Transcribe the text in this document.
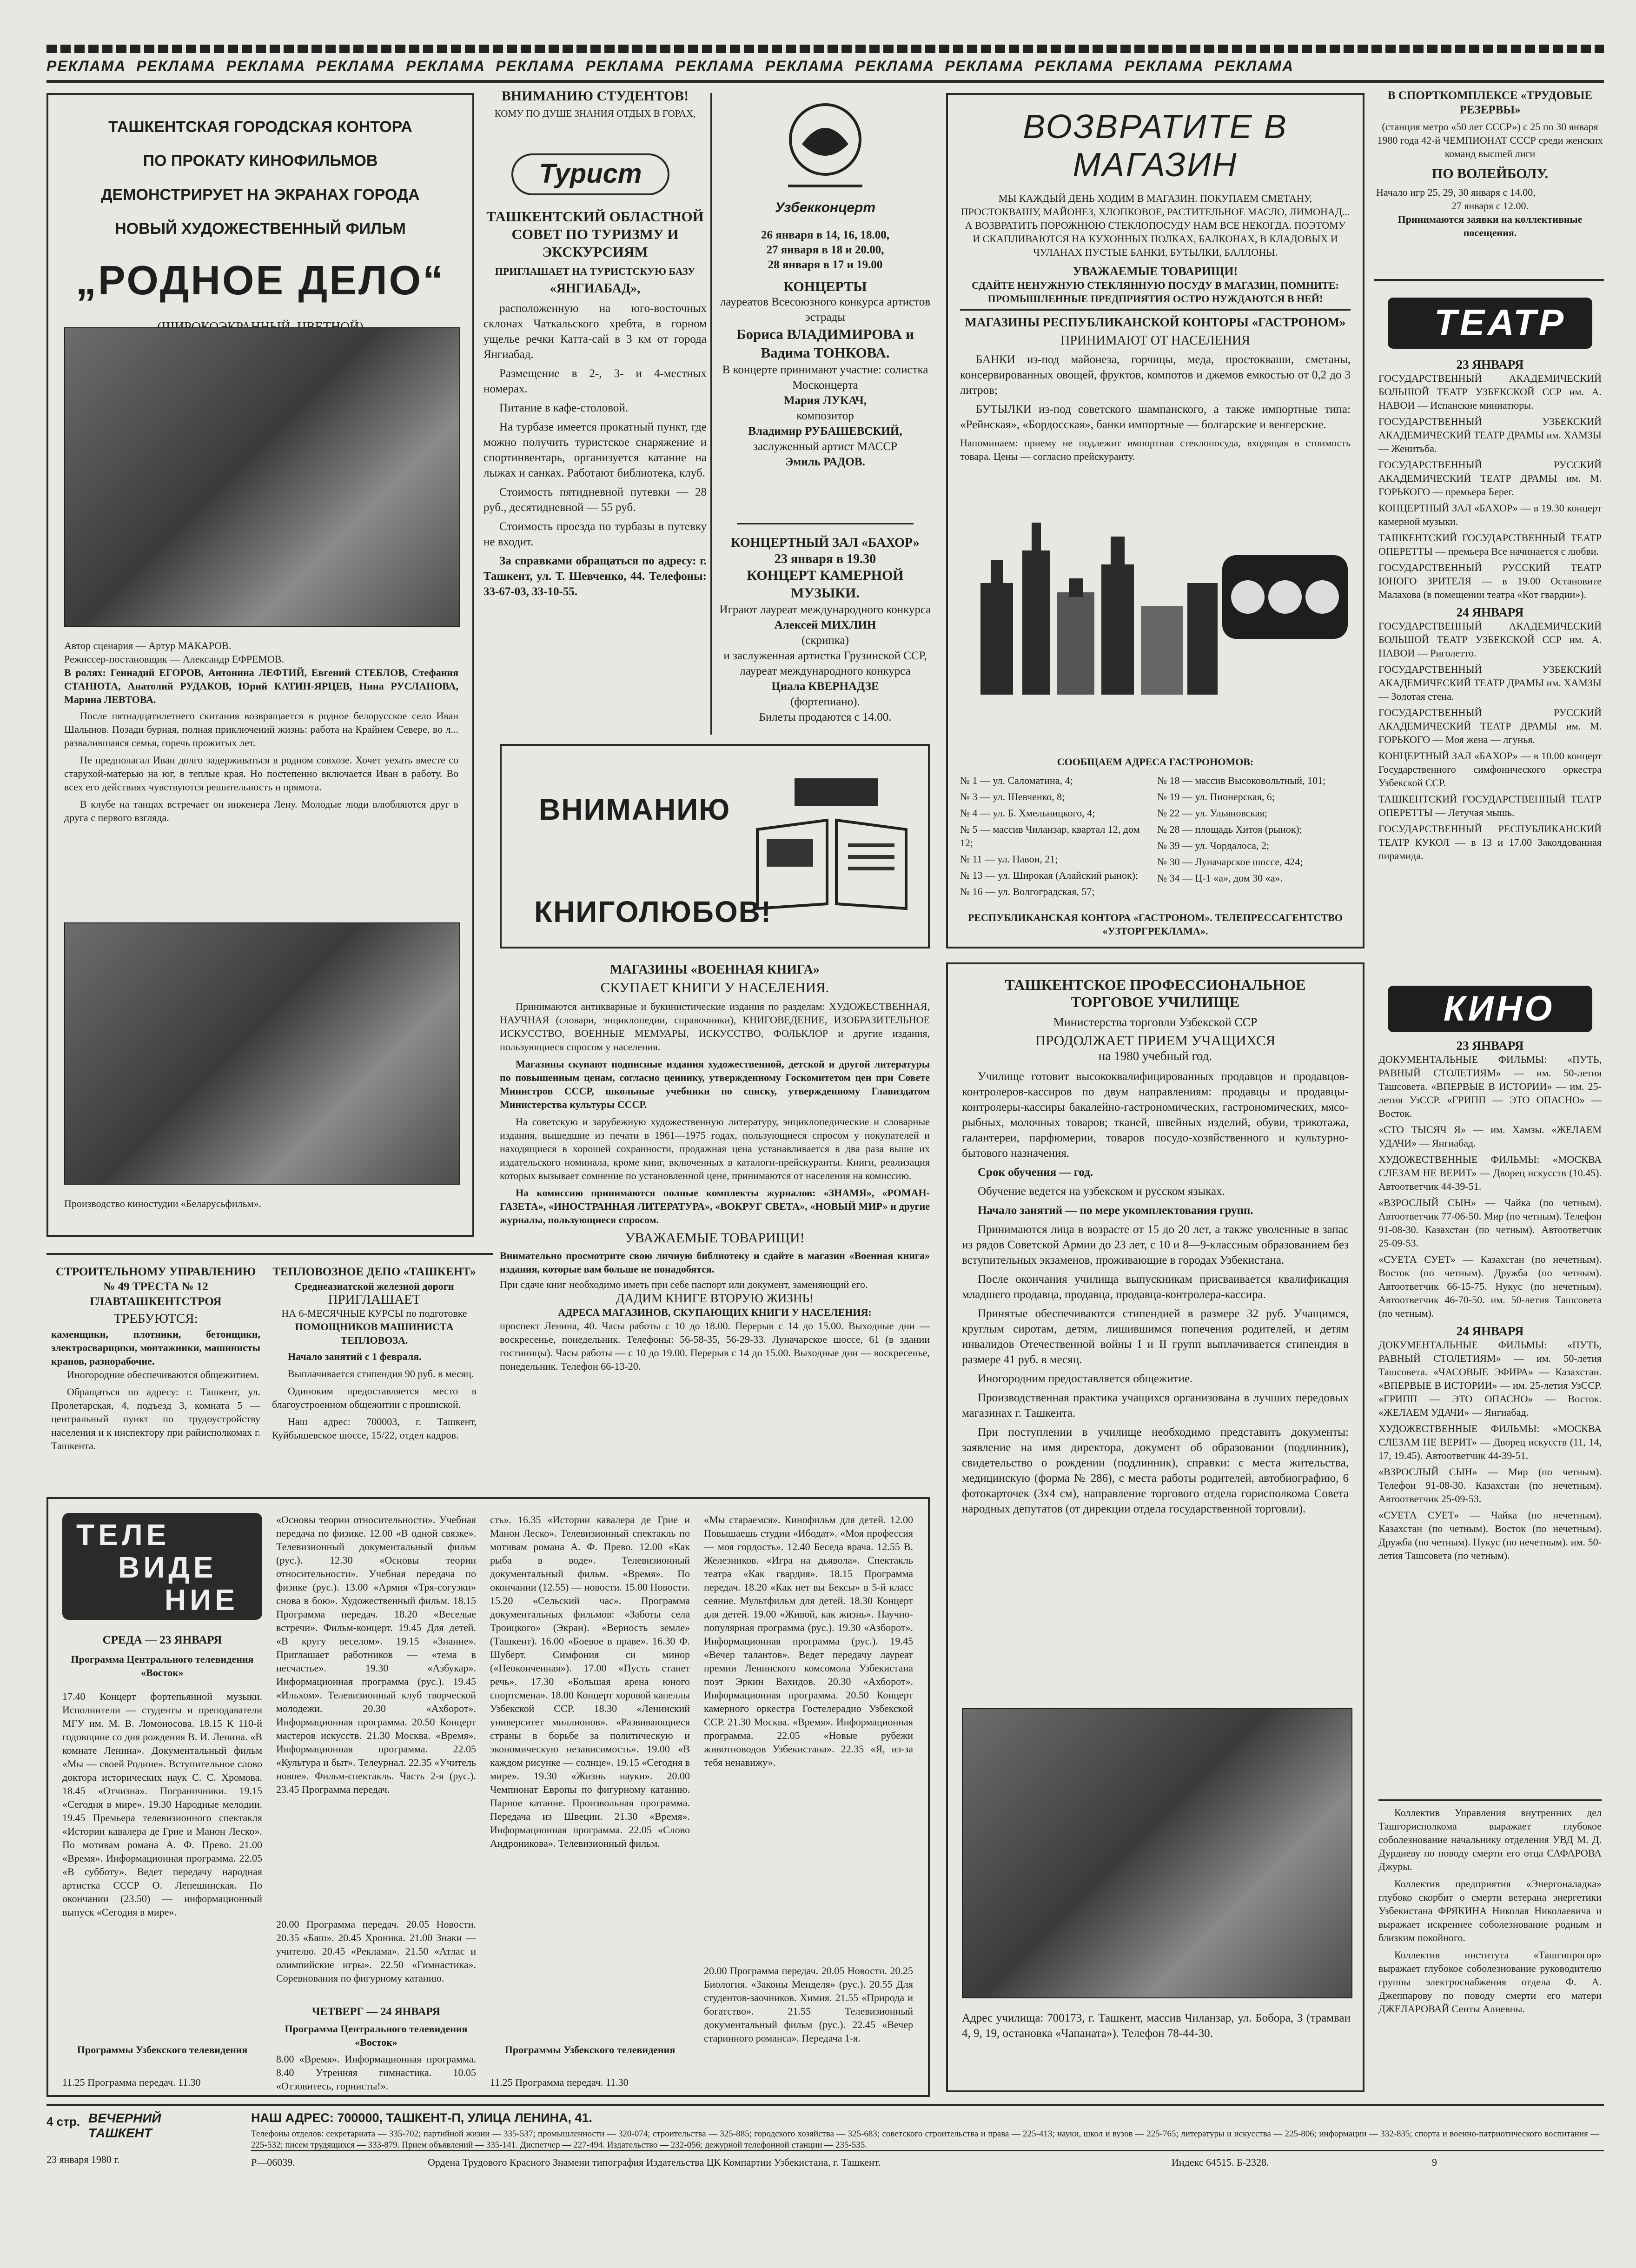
РЕКЛАМА РЕКЛАМА РЕКЛАМА РЕКЛАМА РЕКЛАМА РЕКЛАМА РЕКЛАМА РЕКЛАМА РЕКЛАМА РЕКЛАМА РЕКЛАМА РЕКЛАМА РЕКЛАМА РЕКЛАМА
ТАШКЕНТСКАЯ ГОРОДСКАЯ КОНТОРА
ПО ПРОКАТУ КИНОФИЛЬМОВ
ДЕМОНСТРИРУЕТ НА ЭКРАНАХ ГОРОДА
НОВЫЙ ХУДОЖЕСТВЕННЫЙ ФИЛЬМ
„РОДНОЕ ДЕЛО“
Автор сценария — Артур МАКАРОВ.
Режиссер-постановщик — Александр ЕФРЕМОВ.
В ролях: Геннадий ЕГОРОВ, Антонина ЛЕФТИЙ, Евгений СТЕБЛОВ, Стефания СТАНЮТА, Анатолий РУДАКОВ, Юрий КАТИН-ЯРЦЕВ, Нина РУСЛАНОВА, Марина ЛЕВТОВА.

После пятнадцатилетнего скитания возвращается в родное белорусское село Иван Шалынов. Позади бурная, полная приключений жизнь: работа на Крайнем Севере, во л... развалившаяся семья, горечь прожитых лет.

Не предполагал Иван долго задерживаться в родном совхозе. Хочет уехать вместе со старухой-матерью на юг, в теплые края. Но постепенно включается Иван в работу. Во всех его действиях чувствуются решительность и прямота.

В клубе на танцах встречает он инженера Лену. Молодые люди влюбляются друг в друга с первого взгляда.

Производство киностудии «Беларусьфильм».
ВНИМАНИЮ СТУДЕНТОВ!
КОМУ ПО ДУШЕ ЗНАНИЯ ОТДЫХ В ГОРАХ,
Турист
ТАШКЕНТСКИЙ ОБЛАСТНОЙ СОВЕТ ПО ТУРИЗМУ И ЭКСКУРСИЯМ
ПРИГЛАШАЕТ НА ТУРИСТСКУЮ БАЗУ
«ЯНГИАБАД»,

расположенную на юго-восточных склонах Чаткальского хребта, в горном ущелье речки Катта-сай в 3 км от города Янгиабад.

Размещение в 2-, 3- и 4-местных номерах.

Питание в кафе-столовой.

На турбазе имеется прокатный пункт, где можно получить туристское снаряжение и спортинвентарь, организуется катание на лыжах и санках. Работают библиотека, клуб.

Стоимость пятидневной путевки — 28 руб., десятидневной — 55 руб.

Стоимость проезда по турбазы в путевку не входит.

За справками обращаться по адресу: г. Ташкент, ул. Т. Шевченко, 44. Телефоны: 33-67-03, 33-10-55.

Узбекконцерт
26 января в 14, 16, 18.00,
27 января в 18 и 20.00,
28 января в 17 и 19.00
КОНЦЕРТЫ
лауреатов Всесоюзного конкурса артистов эстрады
Бориса ВЛАДИМИРОВА и Вадима ТОНКОВА.
В концерте принимают участие: солистка Москонцерта
Мария ЛУКАЧ,
композитор
Владимир РУБАШЕВСКИЙ,
заслуженный артист МАССР
Эмиль РАДОВ.
КОНЦЕРТНЫЙ ЗАЛ «БАХОР»
23 января в 19.30
КОНЦЕРТ КАМЕРНОЙ МУЗЫКИ.
Играют лауреат международного конкурса
Алексей МИХЛИН
(скрипка)
и заслуженная артистка Грузинской ССР, лауреат международного конкурса
Циала КВЕРНАДЗЕ
(фортепиано).
Билеты продаются с 14.00.
ВОЗВРАТИТЕ В МАГАЗИН
МЫ КАЖДЫЙ ДЕНЬ ХОДИМ В МАГАЗИН. ПОКУПАЕМ СМЕТАНУ, ПРОСТОКВАШУ, МАЙОНЕЗ, ХЛОПКОВОЕ, РАСТИТЕЛЬНОЕ МАСЛО, ЛИМОНАД... А ВОЗВРАТИТЬ ПОРОЖНЮЮ СТЕКЛОПОСУДУ НАМ ВСЕ НЕКОГДА. ПОЭТОМУ И СКАПЛИВАЮТСЯ НА КУХОННЫХ ПОЛКАХ, БАЛКОНАХ, В КЛАДОВЫХ И ЧУЛАНАХ ПУСТЫЕ БАНКИ, БУТЫЛКИ, БАЛЛОНЫ.
УВАЖАЕМЫЕ ТОВАРИЩИ!
СДАЙТЕ НЕНУЖНУЮ СТЕКЛЯННУЮ ПОСУДУ В МАГАЗИН, ПОМНИТЕ: ПРОМЫШЛЕННЫЕ ПРЕДПРИЯТИЯ ОСТРО НУЖДАЮТСЯ В НЕЙ!
МАГАЗИНЫ РЕСПУБЛИКАНСКОЙ КОНТОРЫ «ГАСТРОНОМ»
ПРИНИМАЮТ ОТ НАСЕЛЕНИЯ

БАНКИ из-под майонеза, горчицы, меда, простокваши, сметаны, консервированных овощей, фруктов, компотов и джемов емкостью от 0,2 до 3 литров;

БУТЫЛКИ из-под советского шампанского, а также импортные типа: «Рейнская», «Бордосская», банки импортные — болгарские и венгерские.

Напоминаем: приему не подлежит импортная стеклопосуда, входящая в стоимость товара. Цены — согласно прейскуранту.
СООБЩАЕМ АДРЕСА ГАСТРОНОМОВ:
№ 1 — ул. Саломатина, 4;
№ 3 — ул. Шевченко, 8;
№ 4 — ул. Б. Хмельницкого, 4;
№ 5 — массив Чиланзар, квартал 12, дом 12;
№ 11 — ул. Навои, 21;
№ 13 — ул. Широкая (Алайский рынок);
№ 16 — ул. Волгоградская, 57;
№ 18 — массив Высоковольтный, 101;
№ 19 — ул. Пионерская, 6;
№ 22 — ул. Ульяновская;
№ 28 — площадь Хитоя (рынок);
№ 39 — ул. Чордалоса, 2;
№ 30 — Луначарское шоссе, 424;
№ 34 — Ц-1 «а», дом 30 «а».
РЕСПУБЛИКАНСКАЯ КОНТОРА «ГАСТРОНОМ». ТЕЛЕПРЕССАГЕНТСТВО «УЗТОРГРЕКЛАМА».
В СПОРТКОМПЛЕКСЕ «ТРУДОВЫЕ РЕЗЕРВЫ»
(станция метро «50 лет СССР») с 25 по 30 января 1980 года 42-й ЧЕМПИОНАТ СССР среди женских команд высшей лиги
ПО ВОЛЕЙБОЛУ.
Начало игр 25, 29, 30 января с 14.00,
27 января с 12.00.
Принимаются заявки на коллективные посещения.
ТЕАТР
23 ЯНВАРЯ
ГОСУДАРСТВЕННЫЙ АКАДЕМИЧЕСКИЙ БОЛЬШОЙ ТЕАТР УЗБЕКСКОЙ ССР им. А. НАВОИ — Испанские миниатюры.
ГОСУДАРСТВЕННЫЙ УЗБЕКСКИЙ АКАДЕМИЧЕСКИЙ ТЕАТР ДРАМЫ им. ХАМЗЫ — Женитьба.
ГОСУДАРСТВЕННЫЙ РУССКИЙ АКАДЕМИЧЕСКИЙ ТЕАТР ДРАМЫ им. М. ГОРЬКОГО — премьера Берег.
КОНЦЕРТНЫЙ ЗАЛ «БАХОР» — в 19.30 концерт камерной музыки.
ТАШКЕНТСКИЙ ГОСУДАРСТВЕННЫЙ ТЕАТР ОПЕРЕТТЫ — премьера Все начинается с любви.
ГОСУДАРСТВЕННЫЙ РУССКИЙ ТЕАТР ЮНОГО ЗРИТЕЛЯ — в 19.00 Остановите Малахова (в помещении театра «Кот гвардии»).
24 ЯНВАРЯ
ГОСУДАРСТВЕННЫЙ АКАДЕМИЧЕСКИЙ БОЛЬШОЙ ТЕАТР УЗБЕКСКОЙ ССР им. А. НАВОИ — Риголетто.
ГОСУДАРСТВЕННЫЙ УЗБЕКСКИЙ АКАДЕМИЧЕСКИЙ ТЕАТР ДРАМЫ им. ХАМЗЫ — Золотая стена.
ГОСУДАРСТВЕННЫЙ РУССКИЙ АКАДЕМИЧЕСКИЙ ТЕАТР ДРАМЫ им. М. ГОРЬКОГО — Моя жена — лгунья.
КОНЦЕРТНЫЙ ЗАЛ «БАХОР» — в 10.00 концерт Государственного симфонического оркестра Узбекской ССР.
ТАШКЕНТСКИЙ ГОСУДАРСТВЕННЫЙ ТЕАТР ОПЕРЕТТЫ — Летучая мышь.
ГОСУДАРСТВЕННЫЙ РЕСПУБЛИКАНСКИЙ ТЕАТР КУКОЛ — в 13 и 17.00 Заколдованная пирамида.
КИНО
23 ЯНВАРЯ
ДОКУМЕНТАЛЬНЫЕ ФИЛЬМЫ: «ПУТЬ, РАВНЫЙ СТОЛЕТИЯМ» — им. 50-летия Ташсовета. «ВПЕРВЫЕ В ИСТОРИИ» — им. 25-летия УзССР. «ГРИПП — ЭТО ОПАСНО» — Восток.
«СТО ТЫСЯЧ Я» — им. Хамзы. «ЖЕЛАЕМ УДАЧИ» — Янгиабад.
ХУДОЖЕСТВЕННЫЕ ФИЛЬМЫ: «МОСКВА СЛЕЗАМ НЕ ВЕРИТ» — Дворец искусств (10.45). Автоответчик 44-39-51.
«ВЗРОСЛЫЙ СЫН» — Чайка (по четным). Автоответчик 77-06-50. Мир (по четным). Телефон 91-08-30. Казахстан (по четным). Автоответчик 25-09-53.
«СУЕТА СУЕТ» — Казахстан (по нечетным). Восток (по четным). Дружба (по четным). Автоответчик 66-15-75. Нукус (по нечетным). Автоответчик 46-70-50. им. 50-летия Ташсовета (по четным).
24 ЯНВАРЯ
ДОКУМЕНТАЛЬНЫЕ ФИЛЬМЫ: «ПУТЬ, РАВНЫЙ СТОЛЕТИЯМ» — им. 50-летия Ташсовета. «ЧАСОВЫЕ ЭФИРА» — Казахстан. «ВПЕРВЫЕ В ИСТОРИИ» — им. 25-летия УзССР. «ГРИПП — ЭТО ОПАСНО» — Восток. «ЖЕЛАЕМ УДАЧИ» — Янгиабад.
ХУДОЖЕСТВЕННЫЕ ФИЛЬМЫ: «МОСКВА СЛЕЗАМ НЕ ВЕРИТ» — Дворец искусств (11, 14, 17, 19.45). Автоответчик 44-39-51.
«ВЗРОСЛЫЙ СЫН» — Мир (по четным). Телефон 91-08-30. Казахстан (по нечетным). Автоответчик 25-09-53.
«СУЕТА СУЕТ» — Чайка (по нечетным). Казахстан (по четным). Восток (по нечетным). Дружба (по четным). Нукус (по нечетным). им. 50-летия Ташсовета (по четным).

Коллектив Управления внутренних дел Ташгорисполкома выражает глубокое соболезнование начальнику отделения УВД М. Д. Дурдиеву по поводу смерти его отца САФАРОВА Джуры.

Коллектив предприятия «Энергоналадка» глубоко скорбит о смерти ветерана энергетики Узбекистана ФРЯКИНА Николая Николаевича и выражает искреннее соболезнование родным и близким покойного.

Коллектив института «Ташгипрогор» выражает глубокое соболезнование руководителю группы электроснабжения отдела Ф. А. Джеппарову по поводу смерти его матери ДЖЕЛАРОВАЙ Сенты Алиевны.

ВНИМАНИЮ
КНИГОЛЮБОВ!
МАГАЗИНЫ «ВОЕННАЯ КНИГА»
СКУПАЕТ КНИГИ У НАСЕЛЕНИЯ.

Принимаются антикварные и букинистические издания по разделам: ХУДОЖЕСТВЕННАЯ, НАУЧНАЯ (словари, энциклопедии, справочники), КНИГОВЕДЕНИЕ, ИЗОБРАЗИТЕЛЬНОЕ ИСКУССТВО, ВОЕННЫЕ МЕМУАРЫ, ИСКУССТВО, ФОЛЬКЛОР и другие издания, пользующиеся спросом у населения.

Магазины скупают подписные издания художественной, детской и другой литературы по повышенным ценам, согласно ценнику, утвержденному Госкомитетом цен при Совете Министров СССР, школьные учебники по списку, утвержденному Главиздатом Министерства культуры СССР.

На советскую и зарубежную художественную литературу, энциклопедические и словарные издания, вышедшие из печати в 1961—1975 годах, пользующиеся спросом у покупателей и находящиеся в хорошей сохранности, продажная цена устанавливается в два раза выше их издательского номинала, кроме книг, включенных в каталоги-прейскуранты. Книги, реализация которых вызывает сомнение по установленной цене, принимаются от населения на комиссию.

На комиссию принимаются полные комплекты журналов: «ЗНАМЯ», «РОМАН-ГАЗЕТА», «ИНОСТРАННАЯ ЛИТЕРАТУРА», «ВОКРУГ СВЕТА», «НОВЫЙ МИР» и другие журналы, пользующиеся спросом.

УВАЖАЕМЫЕ ТОВАРИЩИ!
Внимательно просмотрите свою личную библиотеку и сдайте в магазин «Военная книга» издания, которые вам больше не понадобятся.
При сдаче книг необходимо иметь при себе паспорт или документ, заменяющий его.
ДАДИМ КНИГЕ ВТОРУЮ ЖИЗНЬ!
АДРЕСА МАГАЗИНОВ, СКУПАЮЩИХ КНИГИ У НАСЕЛЕНИЯ:
проспект Ленина, 40. Часы работы с 10 до 18.00. Перерыв с 14 до 15.00. Выходные дни — воскресенье, понедельник. Телефоны: 56-58-35, 56-29-33. Луначарское шоссе, 61 (в здании гостиницы). Часы работы — с 10 до 19.00. Перерыв с 14 до 15.00. Выходные дни — воскресенье, понедельник. Телефон 66-13-20.
СТРОИТЕЛЬНОМУ УПРАВЛЕНИЮ № 49 ТРЕСТА № 12 ГЛАВТАШКЕНТСТРОЯ
ТРЕБУЮТСЯ:
каменщики, плотники, бетонщики, электросварщики, монтажники, машинисты кранов, разнорабочие.

Иногородние обеспечиваются общежитием.

Обращаться по адресу: г. Ташкент, ул. Пролетарская, 4, подъезд 3, комната 5 — центральный пункт по трудоустройству населения и к инспектору при райисполкомах г. Ташкента.

ТЕПЛОВОЗНОЕ ДЕПО «ТАШКЕНТ»
Среднеазиатской железной дороги
ПРИГЛАШАЕТ
НА 6-МЕСЯЧНЫЕ КУРСЫ по подготовке
ПОМОЩНИКОВ МАШИНИСТА ТЕПЛОВОЗА.

Начало занятий с 1 февраля.

Выплачивается стипендия 90 руб. в месяц.

Одиноким предоставляется место в благоустроенном общежитии с прошиской.

Наш адрес: 700003, г. Ташкент, Куйбышевское шоссе, 15/22, отдел кадров.

ТАШКЕНТСКОЕ ПРОФЕССИОНАЛЬНОЕ
ТОРГОВОЕ УЧИЛИЩЕ
Министерства торговли Узбекской ССР
ПРОДОЛЖАЕТ ПРИЕМ УЧАЩИХСЯ
на 1980 учебный год.

Училище готовит высококвалифицированных продавцов и продавцов-контролеров-кассиров по двум направлениям: продавцы и продавцы-контролеры-кассиры бакалейно-гастрономических, гастрономических, мясо-рыбных, молочных товаров; тканей, швейных изделий, обуви, трикотажа, галантереи, парфюмерии, товаров посудо-хозяйственного и культурно-бытового назначения.

Срок обучения — год.

Обучение ведется на узбекском и русском языках.

Начало занятий — по мере укомплектования групп.

Принимаются лица в возрасте от 15 до 20 лет, а также уволенные в запас из рядов Советской Армии до 23 лет, с 10 и 8—9-классным образованием без вступительных экзаменов, проживающие в городах Узбекистана.

После окончания училища выпускникам присваивается квалификация младшего продавца, продавца, продавца-контролера-кассира.

Принятые обеспечиваются стипендией в размере 32 руб. Учащимся, круглым сиротам, детям, лишившимся попечения родителей, и детям инвалидов Отечественной войны I и II групп выплачивается стипендия в размере 41 руб. в месяц.

Иногородним предоставляется общежитие.

Производственная практика учащихся организована в лучших передовых магазинах г. Ташкента.

При поступлении в училище необходимо представить документы: заявление на имя директора, документ об образовании (подлинник), свидетельство о рождении (подлинник), справки: с места жительства, медицинскую (форма № 286), с места работы родителей, автобиографию, 6 фотокарточек (3х4 см), направление торгового отдела горисполкома Совета народных депутатов (от дирекции отдела государственной торговли).

Адрес училища: 700173, г. Ташкент, массив Чиланзар, ул. Бобора, 3 (трамваи 4, 9, 19, остановка «Чапаната»). Телефон 78-44-30.
ТЕЛЕ
ВИДЕ
НИЕ
СРЕДА — 23 ЯНВАРЯ
Программа Центрального телевидения «Восток»
17.40 Концерт фортепьянной музыки. Исполнители — студенты и преподаватели МГУ им. М. В. Ломоносова. 18.15 К 110-й годовщине со дня рождения В. И. Ленина. «В комнате Ленина». Документальный фильм «Мы — своей Родине». Вступительное слово доктора исторических наук С. С. Хромова. 18.45 «Отчизна». Пограничники. 19.15 «Сегодня в мире». 19.30 Народные мелодии. 19.45 Премьера телевизионного спектакля «Истории кавалера де Грие и Манон Леско». По мотивам романа А. Ф. Прево. 21.00 «Время». Информационная программа. 22.05 «В субботу». Ведет передачу народная артистка СССР О. Лепешинская. По окончании (23.50) — информационный выпуск «Сегодня в мире».
Программы Узбекского телевидения
11.25 Программа передач. 11.30
«Основы теории относительности». Учебная передача по физике. 12.00 «В одной связке». Телевизионный документальный фильм (рус.). 12.30 «Основы теории относительности». Учебная передача по физике (рус.). 13.00 «Армия «Тря-согузки» снова в бою». Художественный фильм. 18.15 Программа передач. 18.20 «Веселые встречи». Фильм-концерт. 19.45 Для детей. «В кругу веселом». 19.15 «Знание». Приглашает работников — «тема в несчастье». 19.30 «Азбукар». Информационная программа (рус.). 19.45 «Ильхом». Телевизионный клуб творческой молодежи. 20.30 «Ахборот». Информационная программа. 20.50 Концерт мастеров искусств. 21.30 Москва. «Время». Информационная программа. 22.05 «Культура и быт». Телеурнал. 22.35 «Учитель новое». Фильм-спектакль. Часть 2-я (рус.). 23.45 Программа передач.
20.00 Программа передач. 20.05 Новости. 20.35 «Баш». 20.45 Хроника. 21.00 Знаки — учителю. 20.45 «Реклама». 21.50 «Атлас и олимпийские игры». 22.50 «Гимнастика». Соревнования по фигурному катанию.
ЧЕТВЕРГ — 24 ЯНВАРЯ
Программа Центрального телевидения «Восток»
8.00 «Время». Информационная программа. 8.40 Утренняя гимнастика. 10.05 «Отзовитесь, горнисты!».
сть». 16.35 «Истории кавалера де Грие и Манон Леско». Телевизионный спектакль по мотивам романа А. Ф. Прево. 12.00 «Как рыба в воде». Телевизионный документальный фильм. «Время». По окончании (12.55) — новости. 15.00 Новости. 15.20 «Сельский час». Программа документальных фильмов: «Заботы села Троицкого» (Экран). «Верность земле» (Ташкент). 16.00 «Боевое в праве». 16.30 Ф. Шуберт. Симфония си минор («Неоконченная»). 17.00 «Пусть станет речь». 17.30 «Большая арена юного спортсмена». 18.00 Концерт хоровой капеллы Узбекской ССР. 18.30 «Ленинский университет миллионов». «Развивающиеся страны в борьбе за политическую и экономическую независимость». 19.00 «В каждом рисунке — солнце». 19.15 «Сегодня в мире». 19.30 «Жизнь науки». 20.00 Чемпионат Европы по фигурному катанию. Парное катание. Произвольная программа. Передача из Швеции. 21.30 «Время». Информационная программа. 22.05 «Слово Андроникова». Телевизионный фильм.
Программы Узбекского телевидения
11.25 Программа передач. 11.30
«Мы стараемся». Кинофильм для детей. 12.00 Повышаешь студии «Ибодат». «Моя профессия — моя гордость». 12.40 Беседа врача. 12.55 В. Железников. «Игра на дьявола». Спектакль театра «Как гвардия». 18.15 Программа передач. 18.20 «Как нет вы Бексы» в 5-й класс сеяние. Мультфильм для детей. 18.30 Концерт для детей. 19.00 «Живой, как жизнь». Научно-популярная программа (рус.). 19.30 «Азборот». Информационная программа (рус.). 19.45 «Вечер талантов». Ведет передачу лауреат премии Ленинского комсомола Узбекистана поэт Эркин Вахидов. 20.30 «Ахборот». Информационная программа. 20.50 Концерт камерного оркестра Гостелерадио Узбекской ССР. 21.30 Москва. «Время». Информационная программа. 22.05 «Новые рубежи животноводов Узбекистана». 22.35 «Я, из-за тебя ненавижу».
20.00 Программа передач. 20.05 Новости. 20.25 Биология. «Законы Менделя» (рус.). 20.55 Для студентов-заочников. Химия. 21.55 «Природа и богатство». 21.55 Телевизионный документальный фильм (рус.). 22.45 «Вечер старинного романса». Передача 1-я.
4 стр. ВЕЧЕРНИЙ ТАШКЕНТ
23 января 1980 г.
НАШ АДРЕС: 700000, ТАШКЕНТ-П, УЛИЦА ЛЕНИНА, 41.
Телефоны отделов: секретариата — 335-702; партийной жизни — 335-537; промышленности — 320-074; строительства — 325-885; городского хозяйства — 325-683; советского строительства и права — 225-413; науки, школ и вузов — 225-765; литературы и искусства — 225-806; информации — 332-835; спорта и военно-патриотического воспитания — 225-532; писем трудящихся — 333-879. Прием объявлений — 335-141. Диспетчер — 227-494. Издательство — 232-056; дежурной телефонной станции — 235-535.
P—06039.	Ордена Трудового Красного Знамени типография Издательства ЦК Компартии Узбекистана, г. Ташкент.	Индекс 64515. Б-2328.	9
